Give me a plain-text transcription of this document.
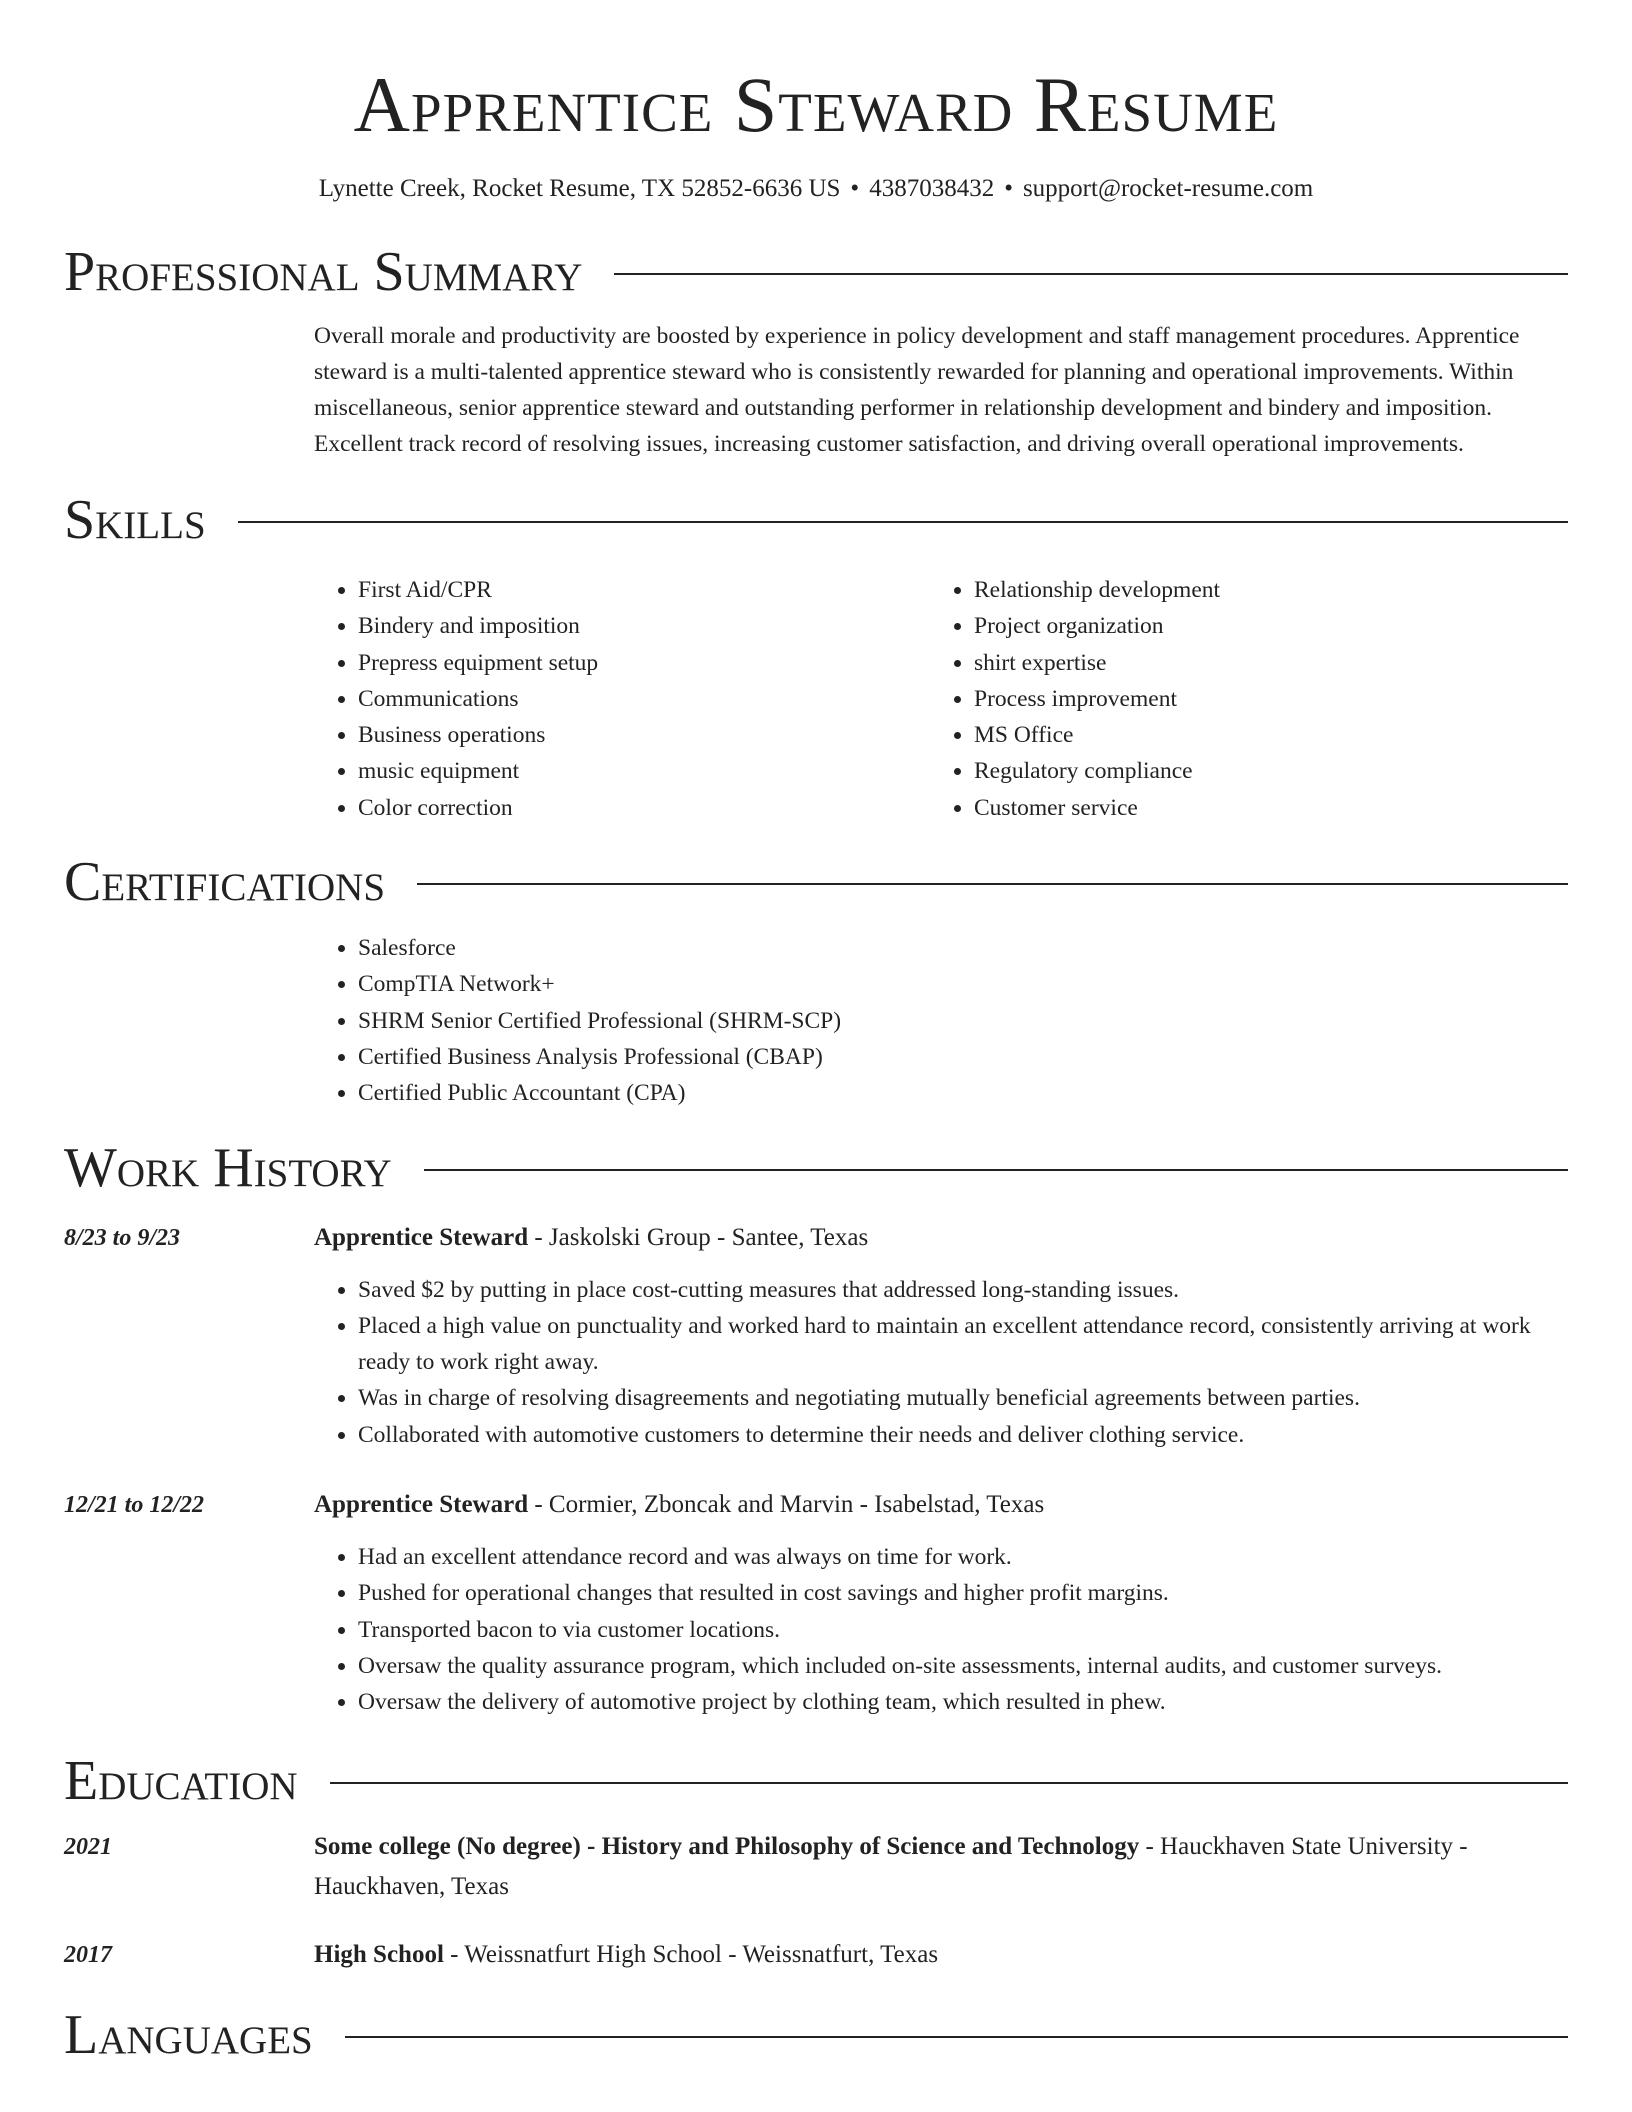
Apprentice Steward Resume
Lynette Creek, Rocket Resume, TX 52852-6636 US • 4387038432 • support@rocket-resume.com
Professional Summary
Overall morale and productivity are boosted by experience in policy development and staff management procedures. Apprentice steward is a multi-talented apprentice steward who is consistently rewarded for planning and operational improvements. Within miscellaneous, senior apprentice steward and outstanding performer in relationship development and bindery and imposition. Excellent track record of resolving issues, increasing customer satisfaction, and driving overall operational improvements.
Skills
• First Aid/CPR
• Bindery and imposition
• Prepress equipment setup
• Communications
• Business operations
• music equipment
• Color correction
• Relationship development
• Project organization
• shirt expertise
• Process improvement
• MS Office
• Regulatory compliance
• Customer service
Certifications
• Salesforce
• CompTIA Network+
• SHRM Senior Certified Professional (SHRM-SCP)
• Certified Business Analysis Professional (CBAP)
• Certified Public Accountant (CPA)
Work History
8/23 to 9/23	Apprentice Steward - Jaskolski Group - Santee, Texas
• Saved $2 by putting in place cost-cutting measures that addressed long-standing issues.
• Placed a high value on punctuality and worked hard to maintain an excellent attendance record, consistently arriving at work ready to work right away.
• Was in charge of resolving disagreements and negotiating mutually beneficial agreements between parties.
• Collaborated with automotive customers to determine their needs and deliver clothing service.
12/21 to 12/22	Apprentice Steward - Cormier, Zboncak and Marvin - Isabelstad, Texas
• Had an excellent attendance record and was always on time for work.
• Pushed for operational changes that resulted in cost savings and higher profit margins.
• Transported bacon to via customer locations.
• Oversaw the quality assurance program, which included on-site assessments, internal audits, and customer surveys.
• Oversaw the delivery of automotive project by clothing team, which resulted in phew.
Education
2021	Some college (No degree) - History and Philosophy of Science and Technology - Hauckhaven State University - Hauckhaven, Texas
2017	High School - Weissnatfurt High School - Weissnatfurt, Texas
Languages
